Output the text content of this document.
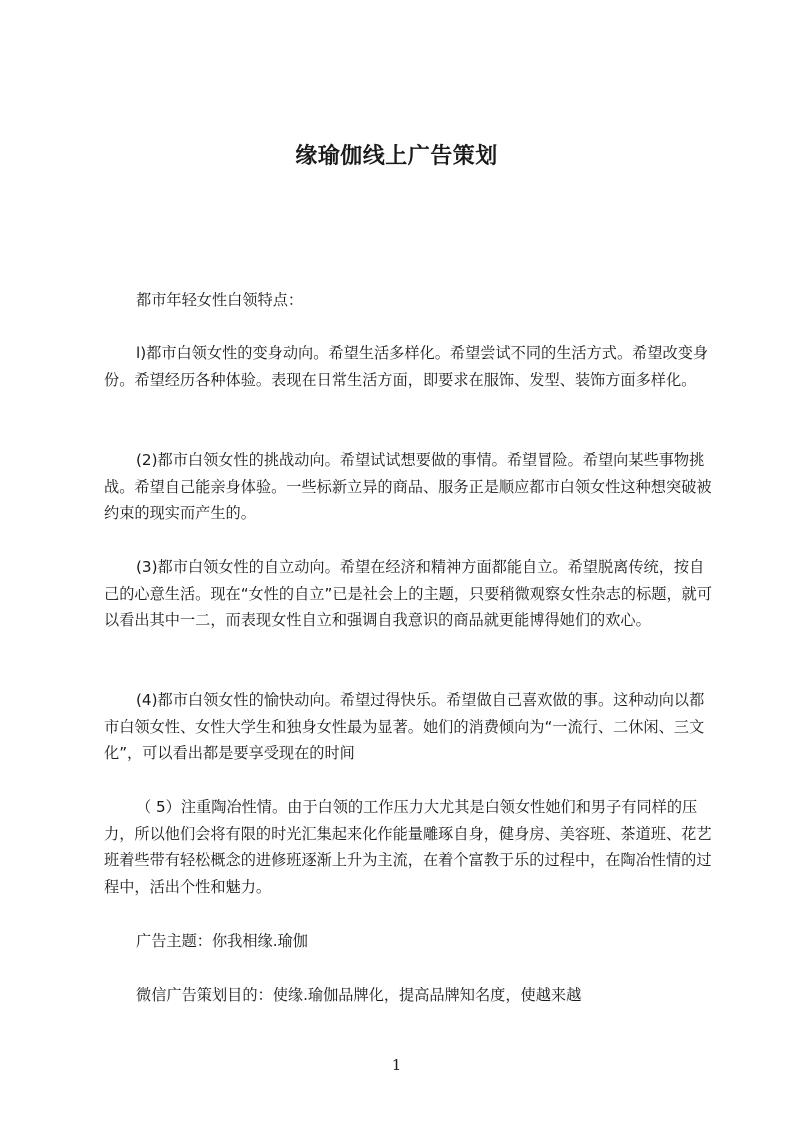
缘瑜伽线上广告策划

都市年轻女性白领特点：

l)都市白领女性的变身动向。希望生活多样化。希望尝试不同的生活方式。希望改变身份。希望经历各种体验。表现在日常生活方面，即要求在服饰、发型、装饰方面多样化。

(2)都市白领女性的挑战动向。希望试试想要做的事情。希望冒险。希望向某些事物挑战。希望自己能亲身体验。一些标新立异的商品、服务正是顺应都市白领女性这种想突破被约束的现实而产生的。

(3)都市白领女性的自立动向。希望在经济和精神方面都能自立。希望脱离传统，按自己的心意生活。现在“女性的自立”已是社会上的主题，只要稍微观察女性杂志的标题，就可以看出其中一二，而表现女性自立和强调自我意识的商品就更能博得她们的欢心。

(4)都市白领女性的愉快动向。希望过得快乐。希望做自己喜欢做的事。这种动向以都市白领女性、女性大学生和独身女性最为显著。她们的消费倾向为“一流行、二休闲、三文化”，可以看出都是要享受现在的时间

（ 5）注重陶冶性情。由于白领的工作压力大尤其是白领女性她们和男子有同样的压力，所以他们会将有限的时光汇集起来化作能量雕琢自身，健身房、美容班、茶道班、花艺班着些带有轻松概念的进修班逐渐上升为主流，在着个富教于乐的过程中，在陶冶性情的过程中，活出个性和魅力。

广告主题：你我相缘.瑜伽

微信广告策划目的：使缘.瑜伽品牌化，提高品牌知名度，使越来越

1
